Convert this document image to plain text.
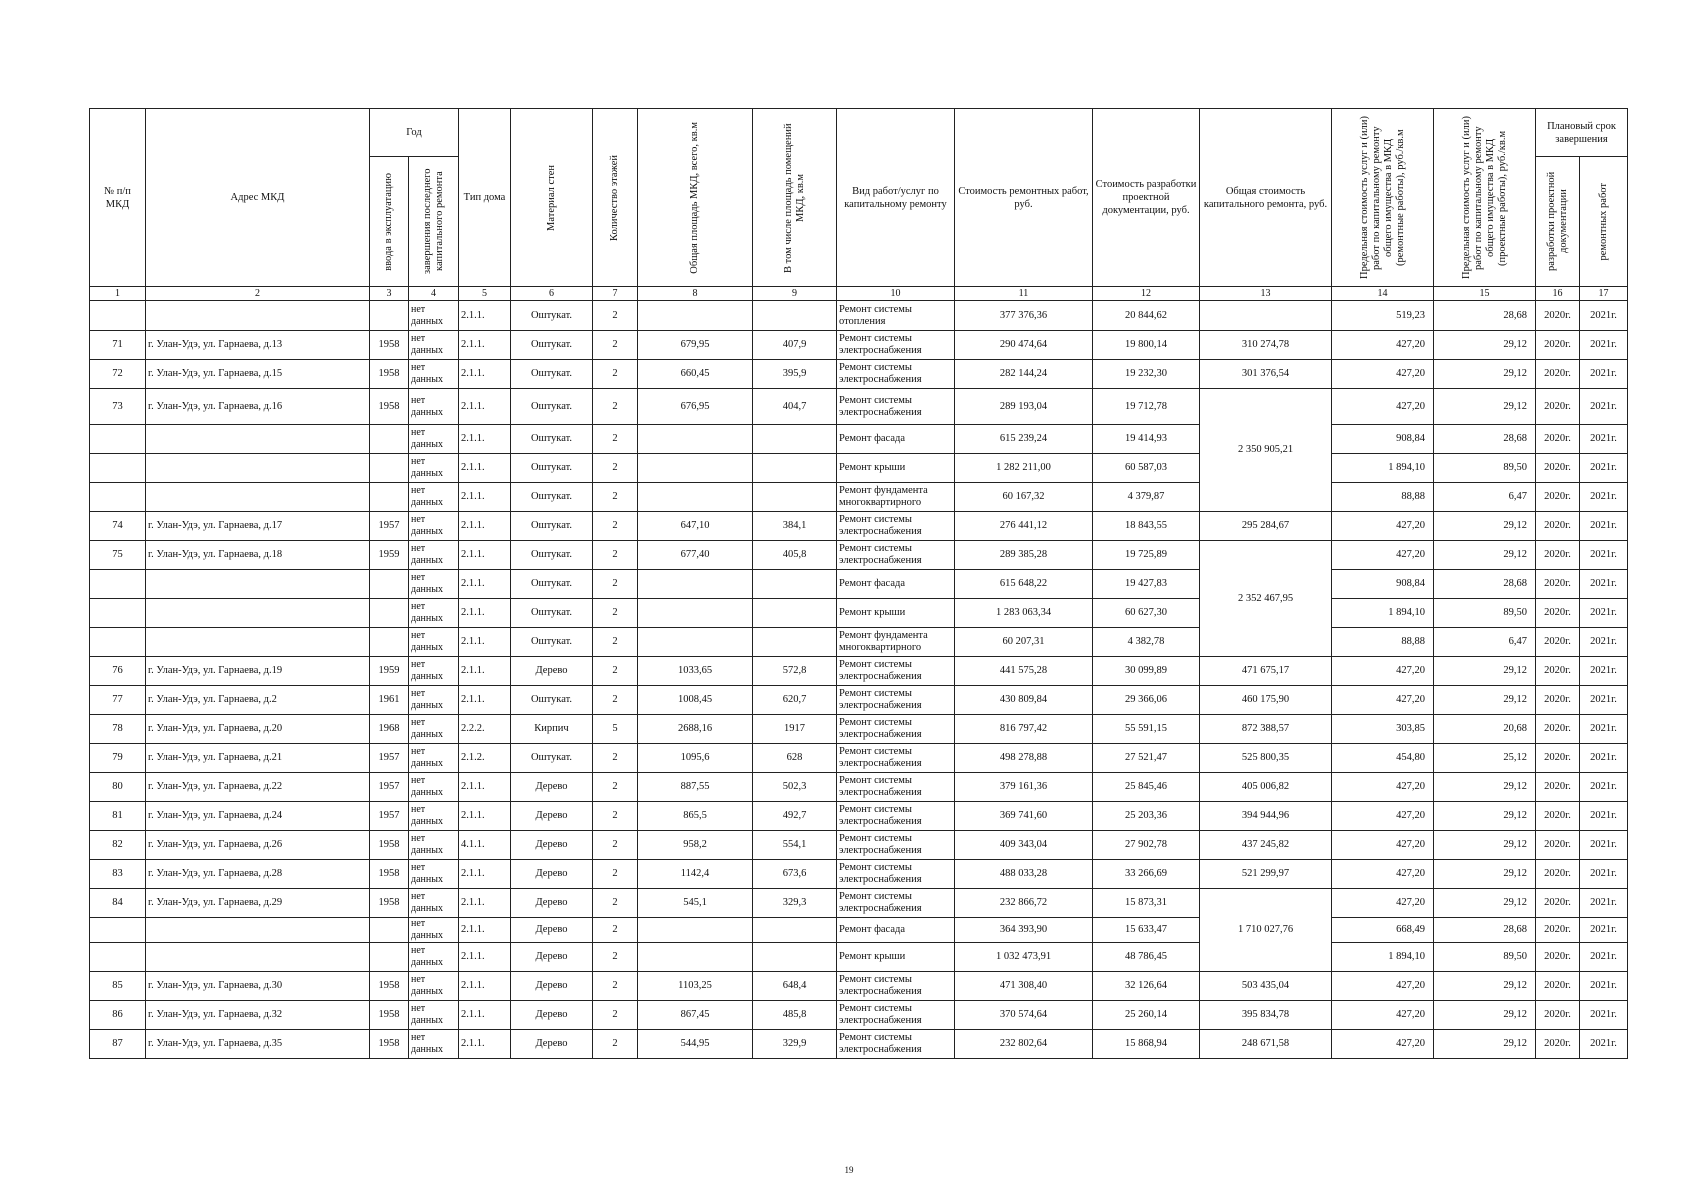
№ п/п МКД	Адрес МКД	Год		Тип дома	Материал стен	Количество этажей	Общая площадь МКД, всего, кв.м	В том числе площадь помещений МКД, кв.м	Вид работ/услуг по капитальному ремонту	Стоимость ремонтных работ, руб.	Стоимость разработки проектной документации, руб.	Общая стоимость капитального ремонта, руб.	Предельная стоимость услуг и (или) работ по капитальному ремонту общего имущества в МКД (ремонтные работы), руб./кв.м	Предельная стоимость услуг и (или) работ по капитальному ремонту общего имущества в МКД (проектные работы), руб./кв.м	Плановый срок завершения	

		ввода в эксплуатацию	завершения последнего капитального ремонта												разработки проектной документации	ремонтных работ

1	2	3	4	5	6	7	8	9	10	11	12	13	14	15	16	17
			нет данных	2.1.1.	Оштукат.	2			Ремонт системы отопления	377 376,36	20 844,62		519,23	28,68	2020г.	2021г.
71	г. Улан-Удэ, ул. Гарнаева, д.13	1958	нет данных	2.1.1.	Оштукат.	2	679,95	407,9	Ремонт системы электроснабжения	290 474,64	19 800,14	310 274,78	427,20	29,12	2020г.	2021г.
72	г. Улан-Удэ, ул. Гарнаева, д.15	1958	нет данных	2.1.1.	Оштукат.	2	660,45	395,9	Ремонт системы электроснабжения	282 144,24	19 232,30	301 376,54	427,20	29,12	2020г.	2021г.
73	г. Улан-Удэ, ул. Гарнаева, д.16	1958	нет данных	2.1.1.	Оштукат.	2	676,95	404,7	Ремонт системы электроснабжения	289 193,04	19 712,78	2 350 905,21	427,20	29,12	2020г.	2021г.
			нет данных	2.1.1.	Оштукат.	2			Ремонт фасада	615 239,24	19 414,93		908,84	28,68	2020г.	2021г.
			нет данных	2.1.1.	Оштукат.	2			Ремонт крыши	1 282 211,00	60 587,03		1 894,10	89,50	2020г.	2021г.
			нет данных	2.1.1.	Оштукат.	2			Ремонт фундамента многоквартирного	60 167,32	4 379,87		88,88	6,47	2020г.	2021г.
74	г. Улан-Удэ, ул. Гарнаева, д.17	1957	нет данных	2.1.1.	Оштукат.	2	647,10	384,1	Ремонт системы электроснабжения	276 441,12	18 843,55	295 284,67	427,20	29,12	2020г.	2021г.
75	г. Улан-Удэ, ул. Гарнаева, д.18	1959	нет данных	2.1.1.	Оштукат.	2	677,40	405,8	Ремонт системы электроснабжения	289 385,28	19 725,89	2 352 467,95	427,20	29,12	2020г.	2021г.
			нет данных	2.1.1.	Оштукат.	2			Ремонт фасада	615 648,22	19 427,83		908,84	28,68	2020г.	2021г.
			нет данных	2.1.1.	Оштукат.	2			Ремонт крыши	1 283 063,34	60 627,30		1 894,10	89,50	2020г.	2021г.
			нет данных	2.1.1.	Оштукат.	2			Ремонт фундамента многоквартирного	60 207,31	4 382,78		88,88	6,47	2020г.	2021г.
76	г. Улан-Удэ, ул. Гарнаева, д.19	1959	нет данных	2.1.1.	Дерево	2	1033,65	572,8	Ремонт системы электроснабжения	441 575,28	30 099,89	471 675,17	427,20	29,12	2020г.	2021г.
77	г. Улан-Удэ, ул. Гарнаева, д.2	1961	нет данных	2.1.1.	Оштукат.	2	1008,45	620,7	Ремонт системы электроснабжения	430 809,84	29 366,06	460 175,90	427,20	29,12	2020г.	2021г.
78	г. Улан-Удэ, ул. Гарнаева, д.20	1968	нет данных	2.2.2.	Кирпич	5	2688,16	1917	Ремонт системы электроснабжения	816 797,42	55 591,15	872 388,57	303,85	20,68	2020г.	2021г.
79	г. Улан-Удэ, ул. Гарнаева, д.21	1957	нет данных	2.1.2.	Оштукат.	2	1095,6	628	Ремонт системы электроснабжения	498 278,88	27 521,47	525 800,35	454,80	25,12	2020г.	2021г.
80	г. Улан-Удэ, ул. Гарнаева, д.22	1957	нет данных	2.1.1.	Дерево	2	887,55	502,3	Ремонт системы электроснабжения	379 161,36	25 845,46	405 006,82	427,20	29,12	2020г.	2021г.
81	г. Улан-Удэ, ул. Гарнаева, д.24	1957	нет данных	2.1.1.	Дерево	2	865,5	492,7	Ремонт системы электроснабжения	369 741,60	25 203,36	394 944,96	427,20	29,12	2020г.	2021г.
82	г. Улан-Удэ, ул. Гарнаева, д.26	1958	нет данных	4.1.1.	Дерево	2	958,2	554,1	Ремонт системы электроснабжения	409 343,04	27 902,78	437 245,82	427,20	29,12	2020г.	2021г.
83	г. Улан-Удэ, ул. Гарнаева, д.28	1958	нет данных	2.1.1.	Дерево	2	1142,4	673,6	Ремонт системы электроснабжения	488 033,28	33 266,69	521 299,97	427,20	29,12	2020г.	2021г.
84	г. Улан-Удэ, ул. Гарнаева, д.29	1958	нет данных	2.1.1.	Дерево	2	545,1	329,3	Ремонт системы электроснабжения	232 866,72	15 873,31	1 710 027,76	427,20	29,12	2020г.	2021г.
			нет данных	2.1.1.	Дерево	2			Ремонт фасада	364 393,90	15 633,47		668,49	28,68	2020г.	2021г.
			нет данных	2.1.1.	Дерево	2			Ремонт крыши	1 032 473,91	48 786,45		1 894,10	89,50	2020г.	2021г.
85	г. Улан-Удэ, ул. Гарнаева, д.30	1958	нет данных	2.1.1.	Дерево	2	1103,25	648,4	Ремонт системы электроснабжения	471 308,40	32 126,64	503 435,04	427,20	29,12	2020г.	2021г.
86	г. Улан-Удэ, ул. Гарнаева, д.32	1958	нет данных	2.1.1.	Дерево	2	867,45	485,8	Ремонт системы электроснабжения	370 574,64	25 260,14	395 834,78	427,20	29,12	2020г.	2021г.
87	г. Улан-Удэ, ул. Гарнаева, д.35	1958	нет данных	2.1.1.	Дерево	2	544,95	329,9	Ремонт системы электроснабжения	232 802,64	15 868,94	248 671,58	427,20	29,12	2020г.	2021г.
19
